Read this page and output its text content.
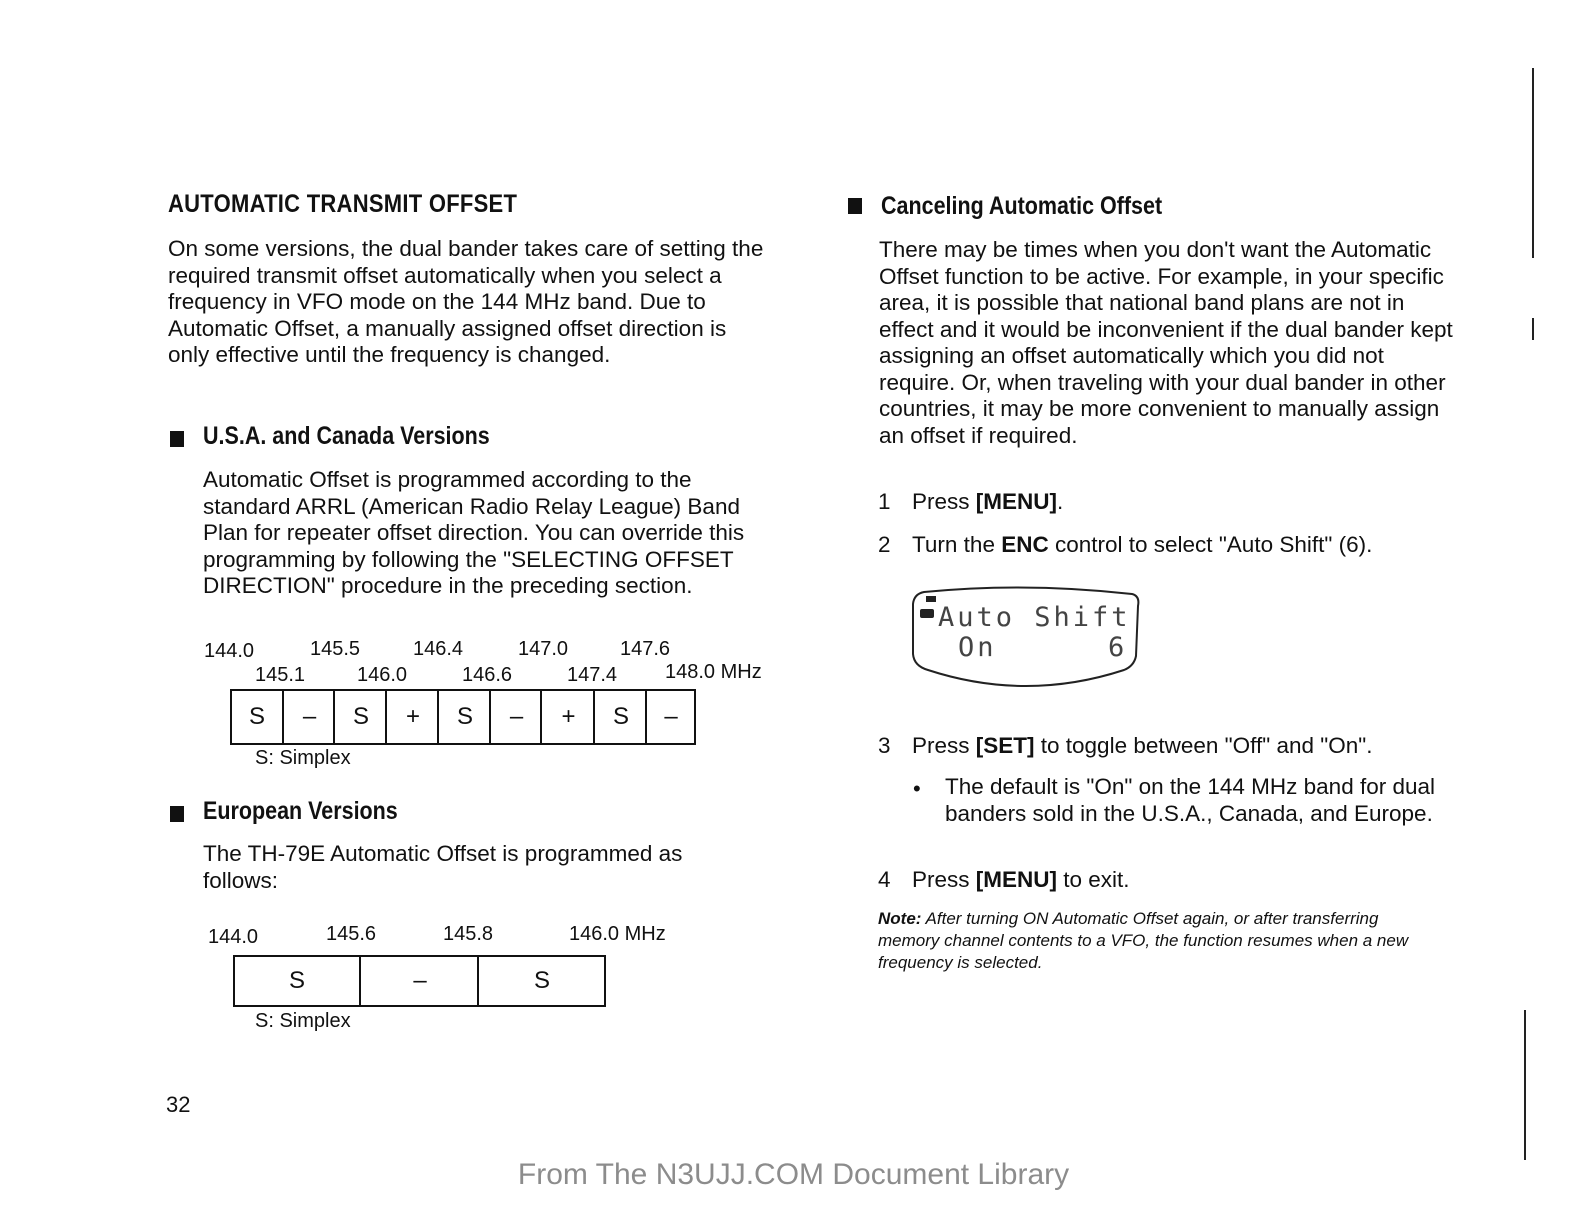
AUTOMATIC TRANSMIT OFFSET

On some versions, the dual bander takes care of setting the required transmit offset automatically when you select a frequency in VFO mode on the 144 MHz band. Due to Automatic Offset, a manually assigned offset direction is only effective until the frequency is changed.

U.S.A. and Canada Versions

Automatic Offset is programmed according to the standard ARRL (American Radio Relay League) Band Plan for repeater offset direction. You can override this programming by following the "SELECTING OFFSET DIRECTION" procedure in the preceding section.

144.0	145.5	146.4	147.0	147.6
145.1	146.0	146.6	147.4 148.0 MHz
S	–	S	+	S	–	+	S	–
S: Simplex
European Versions

The TH-79E Automatic Offset is programmed as follows:

144.0	145.6	145.8	146.0 MHz
S	–	S
S: Simplex
32
Canceling Automatic Offset

There may be times when you don't want the Automatic Offset function to be active. For example, in your specific area, it is possible that national band plans are not in effect and it would be inconvenient if the dual bander kept assigning an offset automatically which you did not require. Or, when traveling with your dual bander in other countries, it may be more convenient to manually assign an offset if required.

1 Press [MENU].
2 Turn the ENC control to select "Auto Shift" (6).
Auto Shift
On	6
3 Press [SET] to toggle between "Off" and "On".
• The default is "On" on the 144 MHz band for dual banders sold in the U.S.A., Canada, and Europe.

4 Press [MENU] to exit.
Note: After turning ON Automatic Offset again, or after transferring memory channel contents to a VFO, the function resumes when a new frequency is selected.
From The N3UJJ.COM Document Library
